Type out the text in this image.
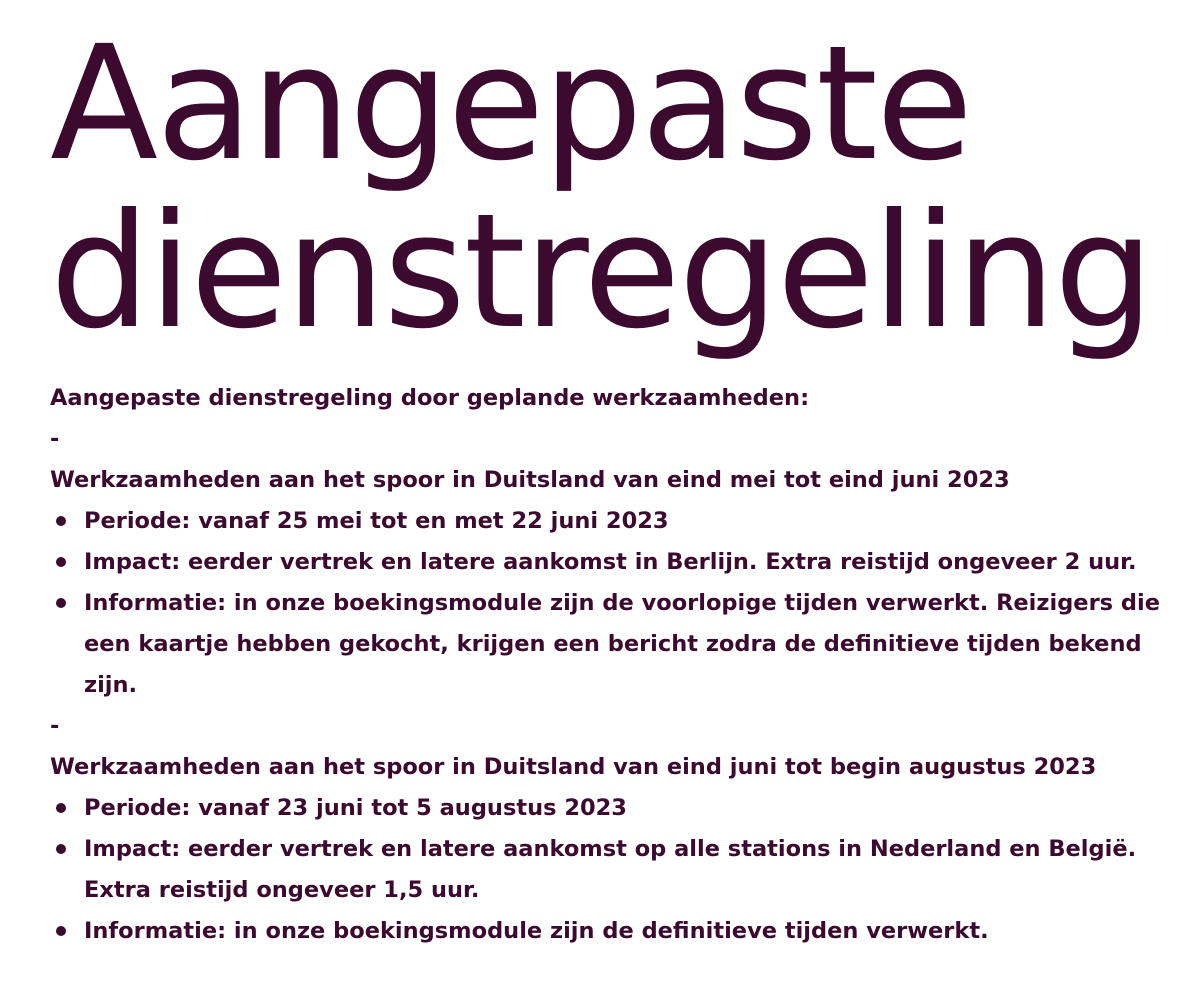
Aangepaste
dienstregeling

Aangepaste dienstregeling door geplande werkzaamheden:

-

Werkzaamheden aan het spoor in Duitsland van eind mei tot eind juni 2023

Periode: vanaf 25 mei tot en met 22 juni 2023
Impact: eerder vertrek en latere aankomst in Berlijn. Extra reistijd ongeveer 2 uur.
Informatie: in onze boekingsmodule zijn de voorlopige tijden verwerkt. Reizigers die een kaartje hebben gekocht, krijgen een bericht zodra de definitieve tijden bekend zijn.

-

Werkzaamheden aan het spoor in Duitsland van eind juni tot begin augustus 2023

Periode: vanaf 23 juni tot 5 augustus 2023
Impact: eerder vertrek en latere aankomst op alle stations in Nederland en België. Extra reistijd ongeveer 1,5 uur.
Informatie: in onze boekingsmodule zijn de definitieve tijden verwerkt.
